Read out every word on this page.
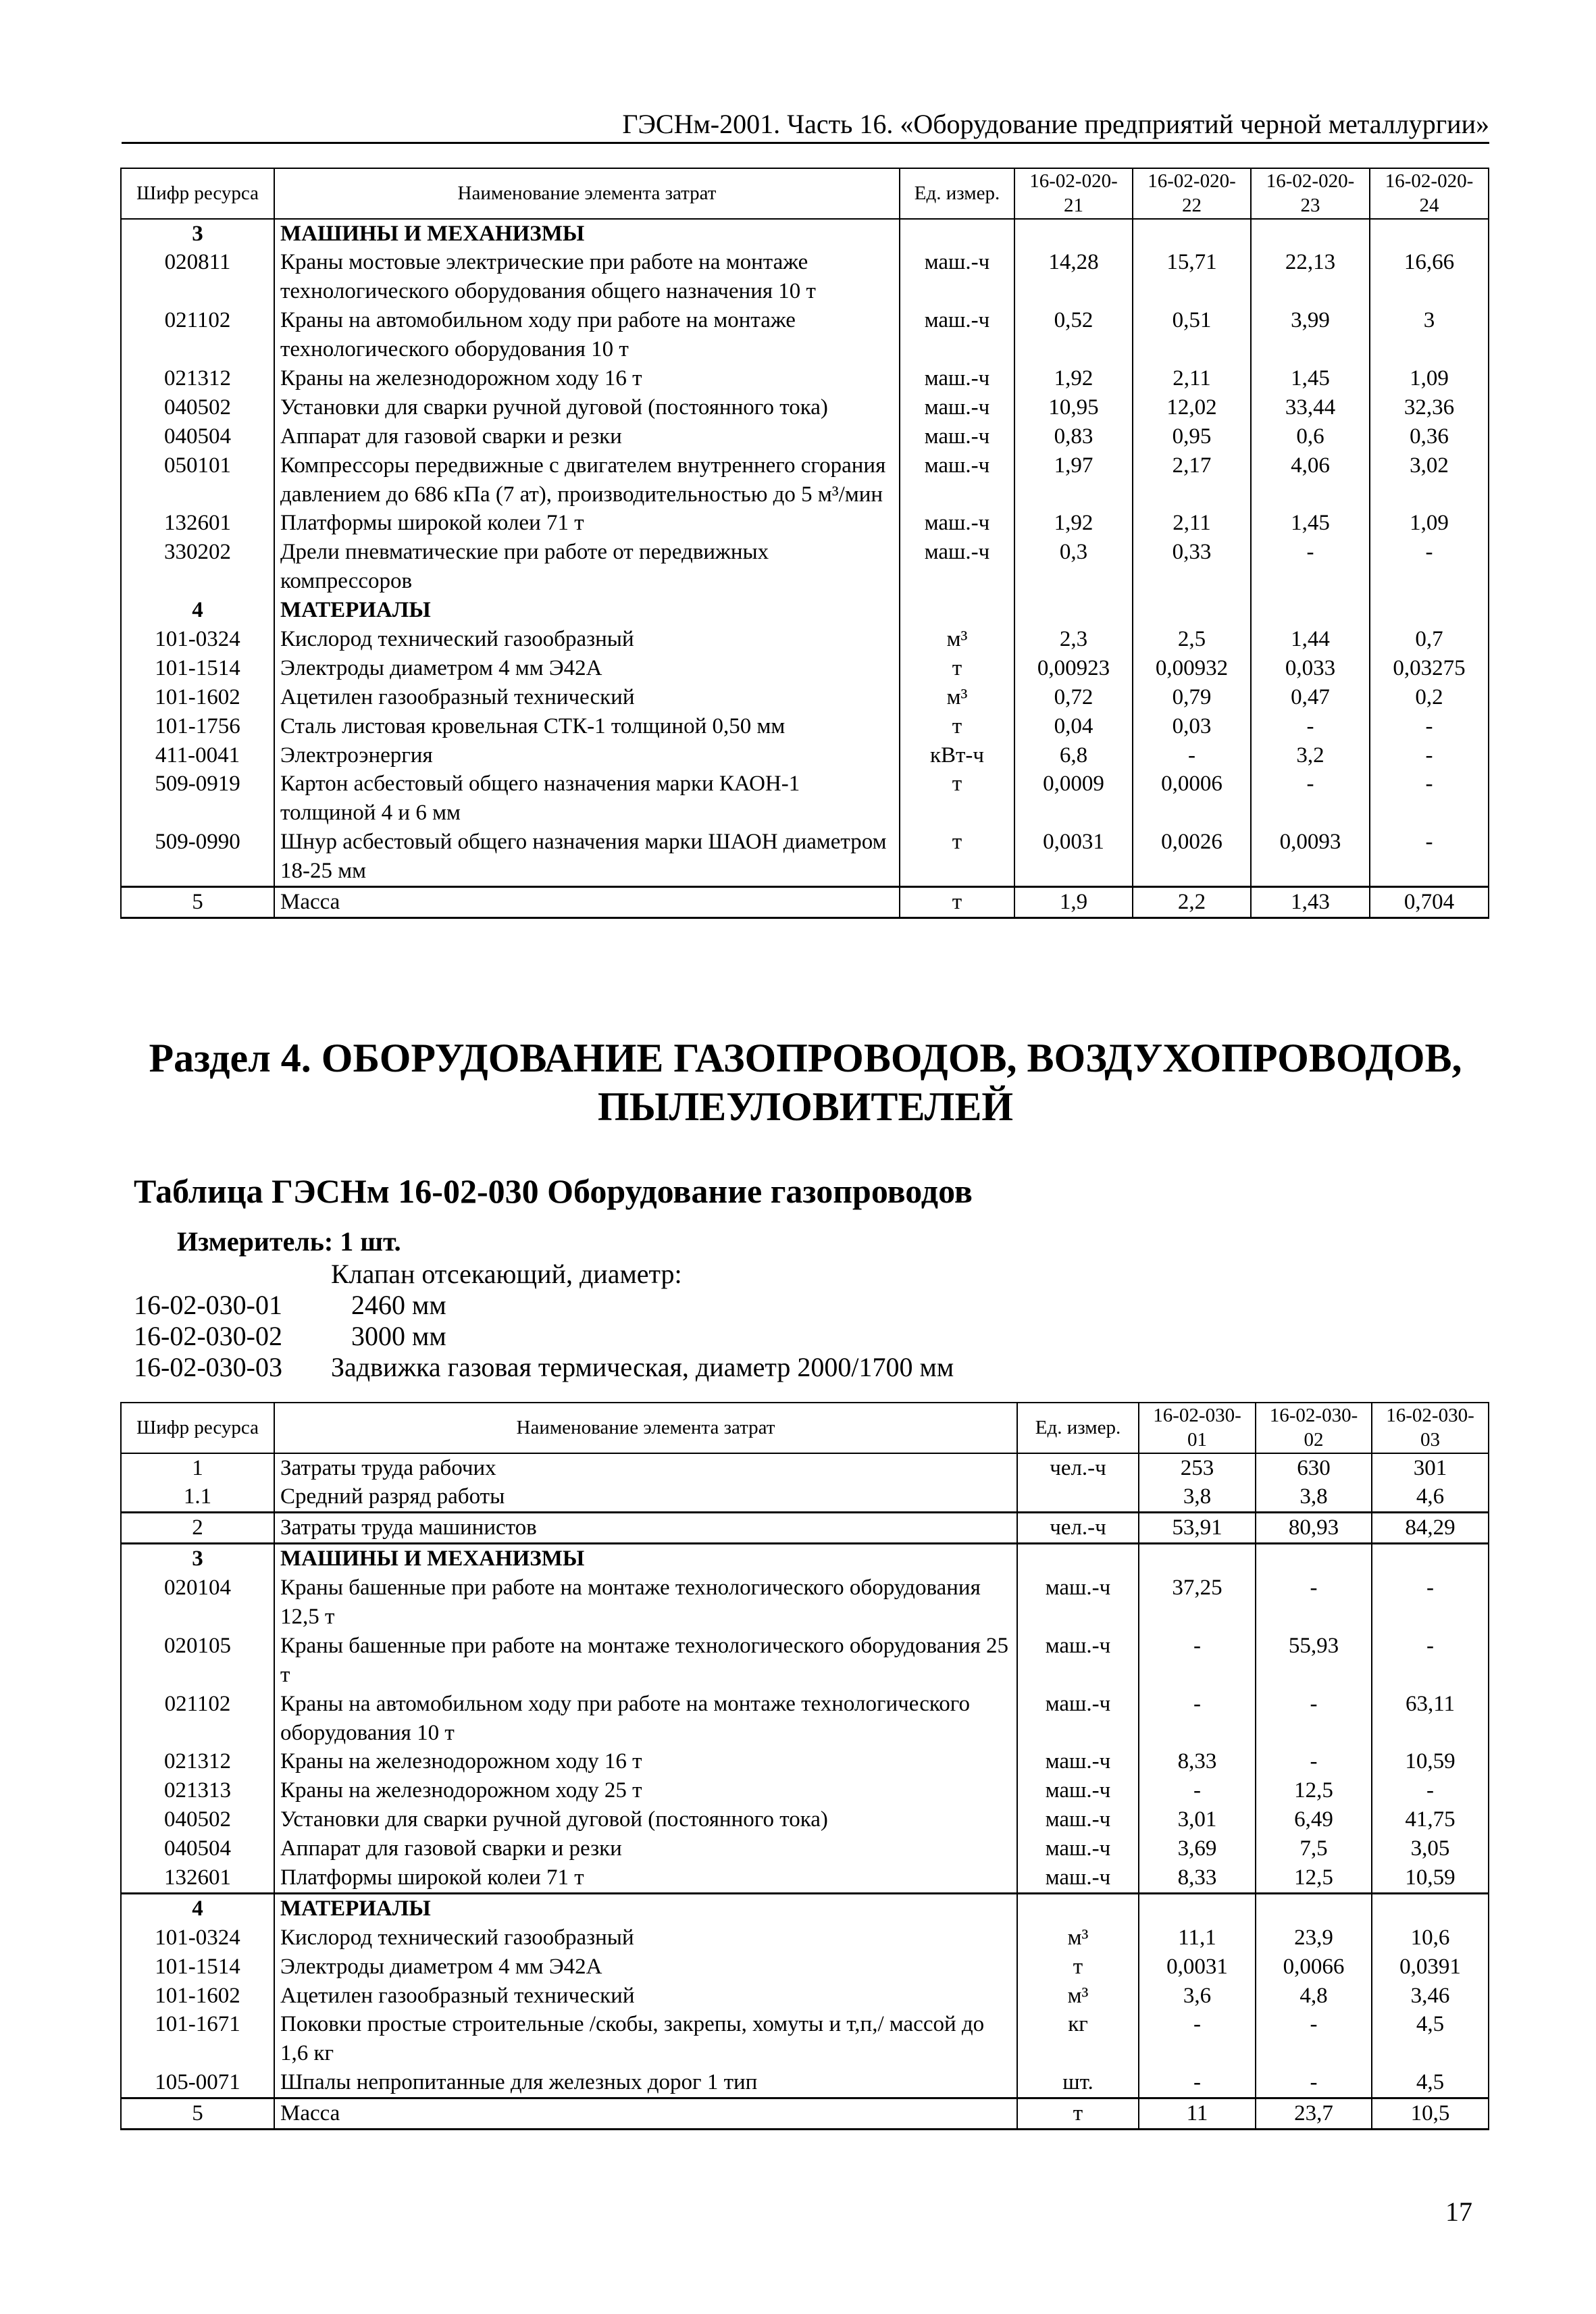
ГЭСНм-2001. Часть 16. «Оборудование предприятий черной металлургии»
Шифр ресурса	Наименование элемента затрат	Ед. измер.	16-02-020-21	16-02-020-22	16-02-020-23	16-02-020-24
3	МАШИНЫ И МЕХАНИЗМЫ					
020811	Краны мостовые электрические при работе на монтаже технологического оборудования общего назначения 10 т	маш.-ч	14,28	15,71	22,13	16,66
021102	Краны на автомобильном ходу при работе на монтаже технологического оборудования 10 т	маш.-ч	0,52	0,51	3,99	3
021312	Краны на железнодорожном ходу 16 т	маш.-ч	1,92	2,11	1,45	1,09
040502	Установки для сварки ручной дуговой (постоянного тока)	маш.-ч	10,95	12,02	33,44	32,36
040504	Аппарат для газовой сварки и резки	маш.-ч	0,83	0,95	0,6	0,36
050101	Компрессоры передвижные с двигателем внутреннего сгорания давлением до 686 кПа (7 ат), производительностью до 5 м³/мин	маш.-ч	1,97	2,17	4,06	3,02
132601	Платформы широкой колеи 71 т	маш.-ч	1,92	2,11	1,45	1,09
330202	Дрели пневматические при работе от передвижных компрессоров	маш.-ч	0,3	0,33	-	-
4	МАТЕРИАЛЫ					
101-0324	Кислород технический газообразный	м³	2,3	2,5	1,44	0,7
101-1514	Электроды диаметром 4 мм Э42А	т	0,00923	0,00932	0,033	0,03275
101-1602	Ацетилен газообразный технический	м³	0,72	0,79	0,47	0,2
101-1756	Сталь листовая кровельная СТК-1 толщиной 0,50 мм	т	0,04	0,03	-	-
411-0041	Электроэнергия	кВт-ч	6,8	-	3,2	-
509-0919	Картон асбестовый общего назначения марки КАОН-1 толщиной 4 и 6 мм	т	0,0009	0,0006	-	-
509-0990	Шнур асбестовый общего назначения марки ШАОН диаметром 18-25 мм	т	0,0031	0,0026	0,0093	-
5	Масса	т	1,9	2,2	1,43	0,704
Раздел 4. ОБОРУДОВАНИЕ ГАЗОПРОВОДОВ, ВОЗДУХОПРОВОДОВ, ПЫЛЕУЛОВИТЕЛЕЙ
Таблица ГЭСНм 16-02-030 Оборудование газопроводов
Измеритель: 1 шт.
Клапан отсекающий, диаметр:
16-02-030-01	2460 мм
16-02-030-02	3000 мм
16-02-030-03 Задвижка газовая термическая, диаметр 2000/1700 мм
Шифр ресурса	Наименование элемента затрат	Ед. измер.	16-02-030-01	16-02-030-02	16-02-030-03
1	Затраты труда рабочих	чел.-ч	253	630	301
1.1	Средний разряд работы		3,8	3,8	4,6
2	Затраты труда машинистов	чел.-ч	53,91	80,93	84,29
3	МАШИНЫ И МЕХАНИЗМЫ				
020104	Краны башенные при работе на монтаже технологического оборудования 12,5 т	маш.-ч	37,25	-	-
020105	Краны башенные при работе на монтаже технологического оборудования 25 т	маш.-ч	-	55,93	-
021102	Краны на автомобильном ходу при работе на монтаже технологического оборудования 10 т	маш.-ч	-	-	63,11
021312	Краны на железнодорожном ходу 16 т	маш.-ч	8,33	-	10,59
021313	Краны на железнодорожном ходу 25 т	маш.-ч	-	12,5	-
040502	Установки для сварки ручной дуговой (постоянного тока)	маш.-ч	3,01	6,49	41,75
040504	Аппарат для газовой сварки и резки	маш.-ч	3,69	7,5	3,05
132601	Платформы широкой колеи 71 т	маш.-ч	8,33	12,5	10,59
4	МАТЕРИАЛЫ				
101-0324	Кислород технический газообразный	м³	11,1	23,9	10,6
101-1514	Электроды диаметром 4 мм Э42А	т	0,0031	0,0066	0,0391
101-1602	Ацетилен газообразный технический	м³	3,6	4,8	3,46
101-1671	Поковки простые строительные /скобы, закрепы, хомуты и т,п,/ массой до 1,6 кг	кг	-	-	4,5
105-0071	Шпалы непропитанные для железных дорог 1 тип	шт.	-	-	4,5
5	Масса	т	11	23,7	10,5
17
